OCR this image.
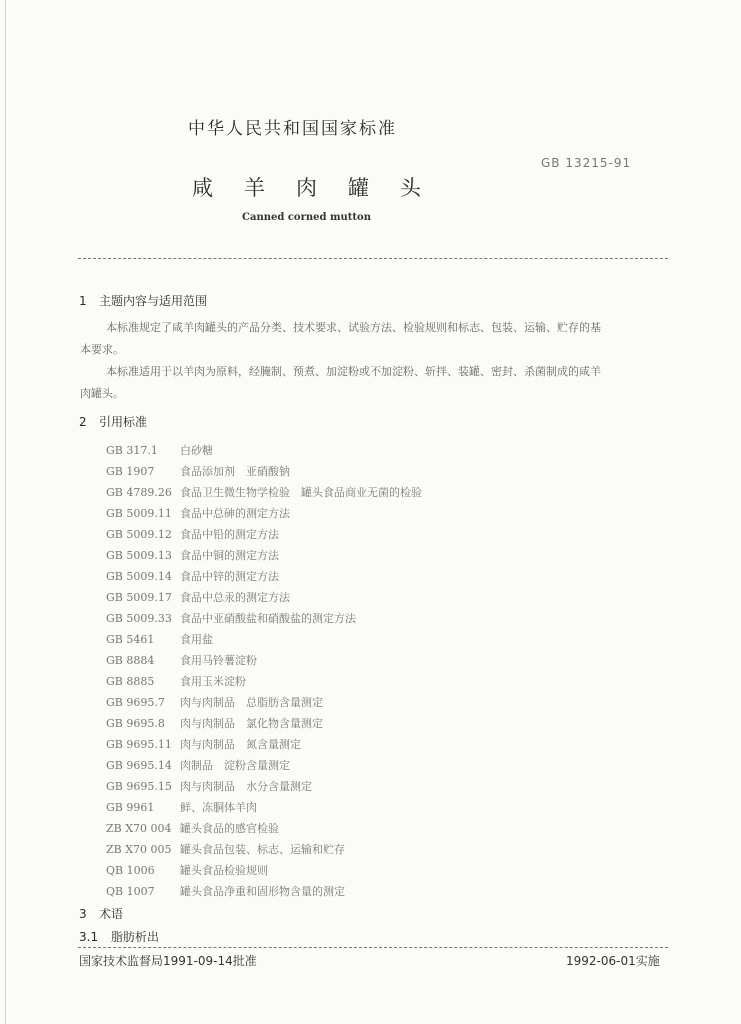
中华人民共和国国家标准
GB 13215-91
咸 羊 肉 罐 头
Canned corned mutton
1 主题内容与适用范围
本标准规定了咸羊肉罐头的产品分类、技术要求、试验方法、检验规则和标志、包装、运输、贮存的基
本要求。
本标准适用于以羊肉为原料，经腌制、预煮、加淀粉或不加淀粉、斩拌、装罐、密封、杀菌制成的咸羊
肉罐头。
2 引用标准
GB 317.1 白砂糖
GB 1907 食品添加剂　亚硝酸钠
GB 4789.26 食品卫生微生物学检验　罐头食品商业无菌的检验
GB 5009.11 食品中总砷的测定方法
GB 5009.12 食品中铅的测定方法
GB 5009.13 食品中铜的测定方法
GB 5009.14 食品中锌的测定方法
GB 5009.17 食品中总汞的测定方法
GB 5009.33 食品中亚硝酸盐和硝酸盐的测定方法
GB 5461 食用盐
GB 8884 食用马铃薯淀粉
GB 8885 食用玉米淀粉
GB 9695.7 肉与肉制品　总脂肪含量测定
GB 9695.8 肉与肉制品　氯化物含量测定
GB 9695.11 肉与肉制品　氮含量测定
GB 9695.14 肉制品　淀粉含量测定
GB 9695.15 肉与肉制品　水分含量测定
GB 9961 鲜、冻胴体羊肉
ZB X70 004 罐头食品的感官检验
ZB X70 005 罐头食品包装、标志、运输和贮存
QB 1006 罐头食品检验规则
QB 1007 罐头食品净重和固形物含量的测定
3 术语
3.1 脂肪析出
国家技术监督局1991-09-14批准	1992-06-01实施
